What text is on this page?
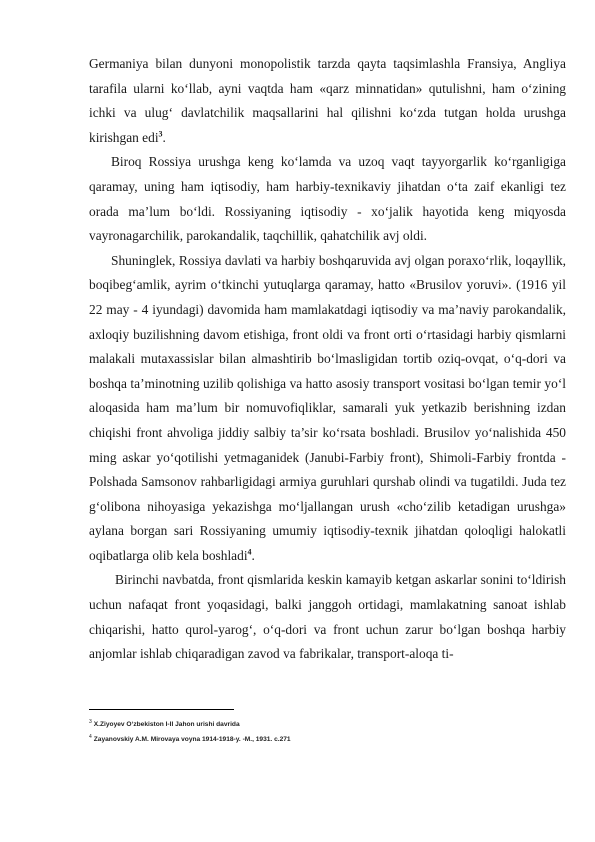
Germaniya bilan dunyoni monopolistik tarzda qayta taqsimlashla Fransiya, Angliya tarafila ularni ko‘llab, ayni vaqtda ham «qarz minnatidan» qutulishni, ham o‘zining ichki va ulug‘ davlatchilik maqsallarini hal qilishni ko‘zda tutgan holda urushga kirishgan edi$^3$.

Biroq Rossiya urushga keng ko‘lamda va uzoq vaqt tayyorgarlik ko‘rganligiga qaramay, uning ham iqtisodiy, ham harbiy-texnikaviy jihatdan o‘ta zaif ekanligi tez orada ma’lum bo‘ldi. Rossiyaning iqtisodiy - xo‘jalik hayotida keng miqyosda vayronagarchilik, parokandalik, taqchillik, qahatchilik avj oldi.

Shuninglek, Rossiya davlati va harbiy boshqaruvida avj olgan poraxo‘rlik, loqayllik, boqibeg‘amlik, ayrim o‘tkinchi yutuqlarga qaramay, hatto «Brusilov yoruvi». (1916 yil 22 may - 4 iyundagi) davomida ham mamlakatdagi iqtisodiy va ma’naviy parokandalik, axloqiy buzilishning davom etishiga, front oldi va front orti o‘rtasidagi harbiy qismlarni malakali mutaxassislar bilan almashtirib bo‘lmasligidan tortib oziq-ovqat, o‘q-dori va boshqa ta’minotning uzilib qolishiga va hatto asosiy transport vositasi bo‘lgan temir yo‘l aloqasida ham ma’lum bir nomuvofiqliklar, samarali yuk yetkazib berishning izdan chiqishi front ahvoliga jiddiy salbiy ta’sir ko‘rsata boshladi. Brusilov yo‘nalishida 450 ming askar yo‘qotilishi yetmaganidek (Janubi-Farbiy front), Shimoli-Farbiy frontda - Polshada Samsonov rahbarligidagi armiya guruhlari qurshab olindi va tugatildi. Juda tez g‘olibona nihoyasiga yekazishga mo‘ljallangan urush «cho‘zilib ketadigan urushga» aylana borgan sari Rossiyaning umumiy iqtisodiy-texnik jihatdan qoloqligi halokatli oqibatlarga olib kela boshladi$^4$.

Birinchi navbatda, front qismlarida keskin kamayib ketgan askarlar sonini to‘ldirish uchun nafaqat front yoqasidagi, balki janggoh ortidagi, mamlakatning sanoat ishlab chiqarishi, hatto qurol-yarog‘, o‘q-dori va front uchun zarur bo‘lgan boshqa harbiy anjomlar ishlab chiqaradigan zavod va fabrikalar, transport-aloqa ti-

$^3$ X.Ziyoyev O‘zbekiston I-II Jahon urishi davrida
$^4$ Zayanovskiy A.M. Mirovaya voyna 1914-1918-y. -M., 1931. c.271
